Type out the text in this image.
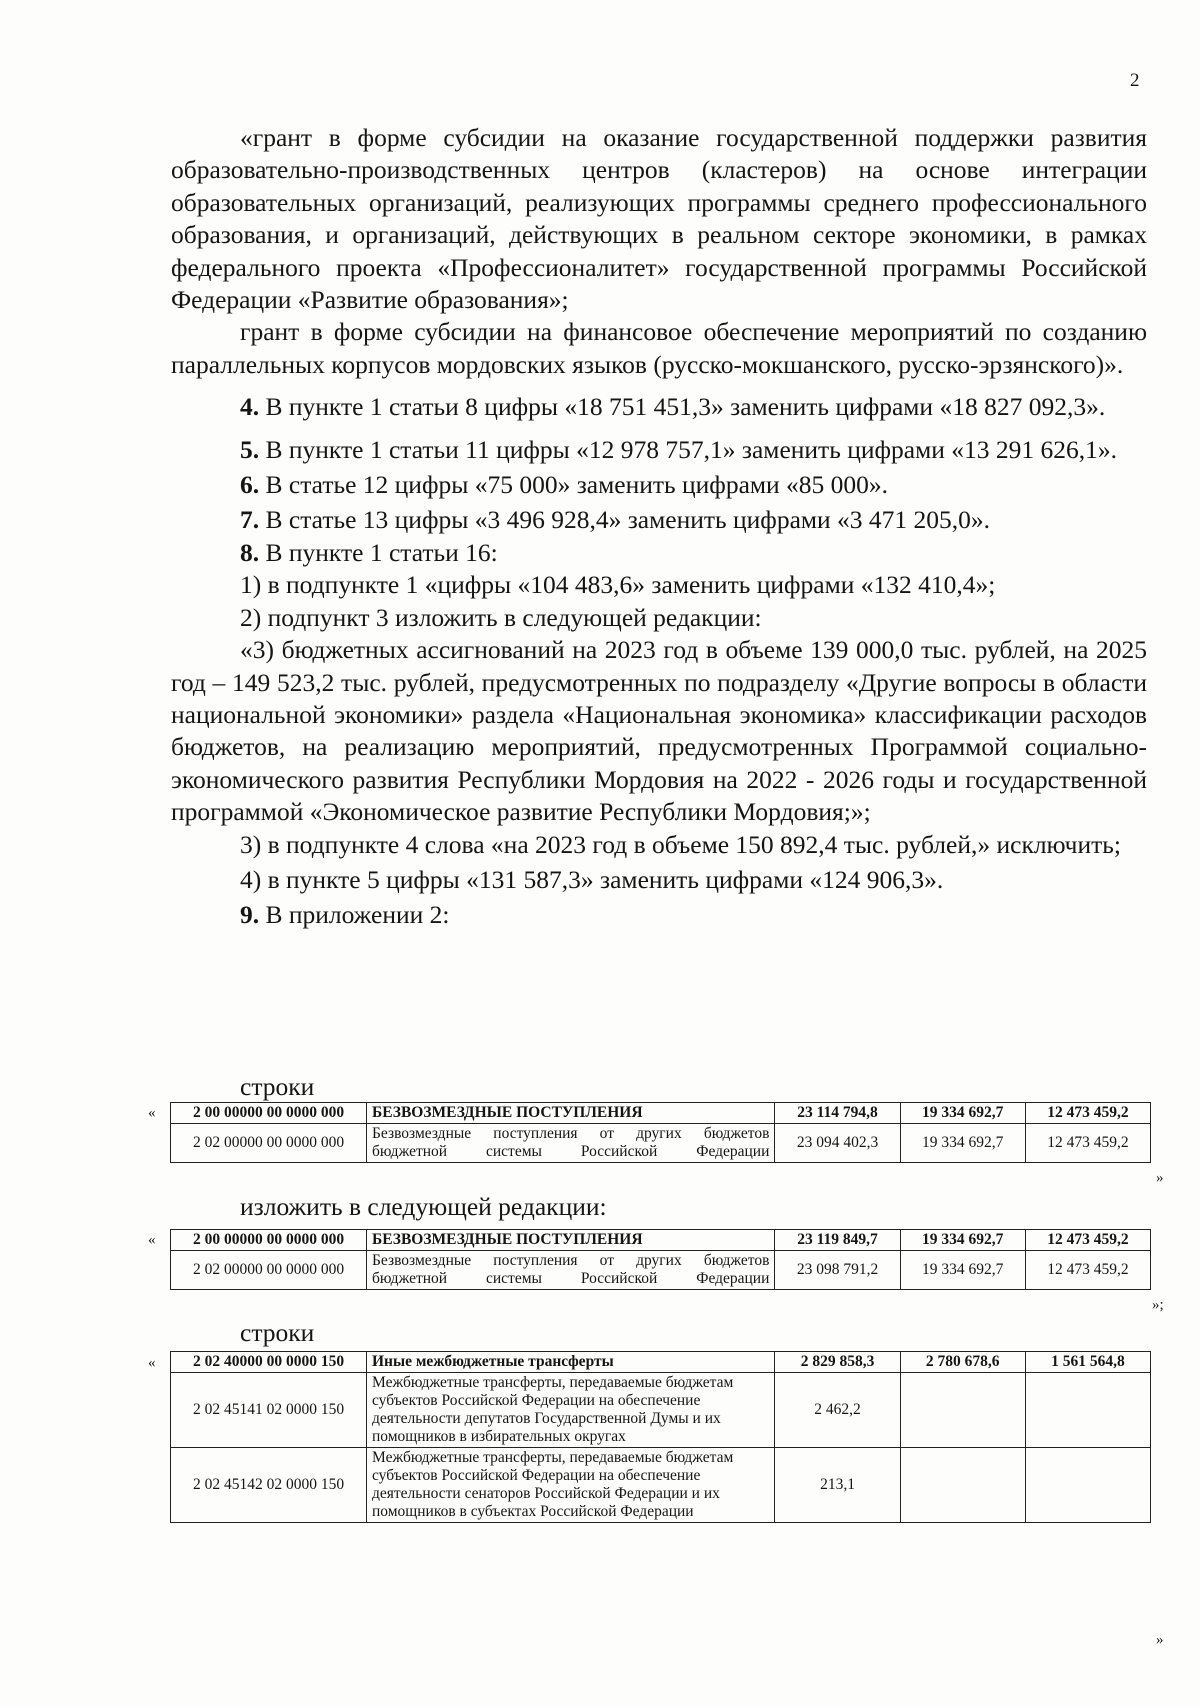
2

«грант в форме субсидии на оказание государственной поддержки развития образовательно-производственных центров (кластеров) на основе интеграции образовательных организаций, реализующих программы среднего профессионального образования, и организаций, действующих в реальном секторе экономики, в рамках федерального проекта «Профессионалитет» государственной программы Российской Федерации «Развитие образования»;

грант в форме субсидии на финансовое обеспечение мероприятий по созданию параллельных корпусов мордовских языков (русско-мокшанского, русско-эрзянского)».

4. В пункте 1 статьи 8 цифры «18 751 451,3» заменить цифрами «18 827 092,3».

5. В пункте 1 статьи 11 цифры «12 978 757,1» заменить цифрами «13 291 626,1».

6. В статье 12 цифры «75 000» заменить цифрами «85 000».

7. В статье 13 цифры «3 496 928,4» заменить цифрами «3 471 205,0».

8. В пункте 1 статьи 16:

1) в подпункте 1 «цифры «104 483,6» заменить цифрами «132 410,4»;

2) подпункт 3 изложить в следующей редакции:

«3) бюджетных ассигнований на 2023 год в объеме 139 000,0 тыс. рублей, на 2025 год – 149 523,2 тыс. рублей, предусмотренных по подразделу «Другие вопросы в области национальной экономики» раздела «Национальная экономика» классификации расходов бюджетов, на реализацию мероприятий, предусмотренных Программой социально-экономического развития Республики Мордовия на 2022 - 2026 годы и государственной программой «Экономическое развитие Республики Мордовия;»;

3) в подпункте 4 слова «на 2023 год в объеме 150 892,4 тыс. рублей,» исключить;

4) в пункте 5 цифры «131 587,3» заменить цифрами «124 906,3».

9. В приложении 2:

строки
« 2 00 00000 00 0000 000	БЕЗВОЗМЕЗДНЫЕ ПОСТУПЛЕНИЯ	23 114 794,8	19 334 692,7	12 473 459,2
2 02 00000 00 0000 000	Безвозмездные поступления от других бюджетов бюджетной системы Российской Федерации	23 094 402,3	19 334 692,7	12 473 459,2
»
изложить в следующей редакции:
« 2 00 00000 00 0000 000	БЕЗВОЗМЕЗДНЫЕ ПОСТУПЛЕНИЯ	23 119 849,7	19 334 692,7	12 473 459,2
2 02 00000 00 0000 000	Безвозмездные поступления от других бюджетов бюджетной системы Российской Федерации	23 098 791,2	19 334 692,7	12 473 459,2
»;
строки
« 2 02 40000 00 0000 150	Иные межбюджетные трансферты	2 829 858,3	2 780 678,6	1 561 564,8
2 02 45141 02 0000 150	Межбюджетные трансферты, передаваемые бюджетам субъектов Российской Федерации на обеспечение деятельности депутатов Государственной Думы и их помощников в избирательных округах	2 462,2		
2 02 45142 02 0000 150	Межбюджетные трансферты, передаваемые бюджетам субъектов Российской Федерации на обеспечение деятельности сенаторов Российской Федерации и их помощников в субъектах Российской Федерации	213,1		
»
